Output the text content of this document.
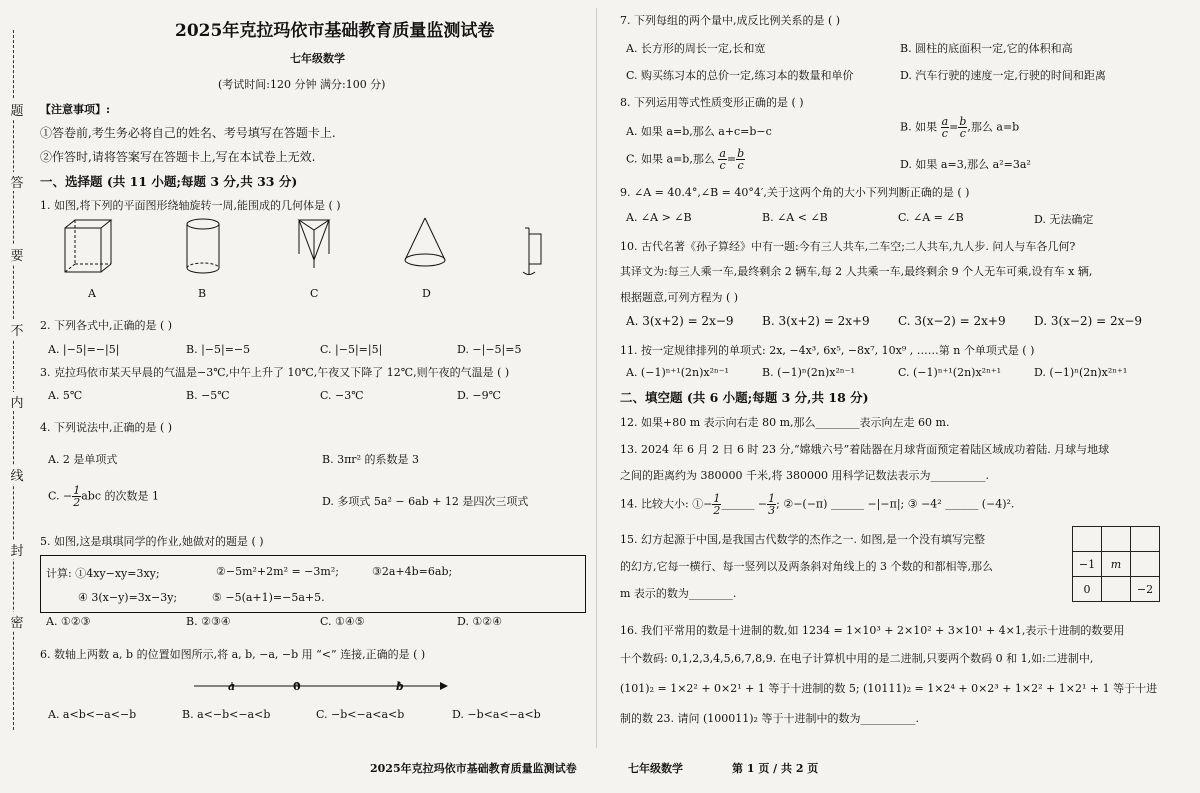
题
答
要
不
内
线
封
密
2025年克拉玛依市基础教育质量监测试卷
七年级数学
(考试时间:120 分钟 满分:100 分)
【注意事项】:
①答卷前,考生务必将自己的姓名、考号填写在答题卡上.
②作答时,请将答案写在答题卡上,写在本试卷上无效.
一、选择题 (共 11 小题;每题 3 分,共 33 分)
1. 如图,将下列的平面图形绕轴旋转一周,能围成的几何体是 ( )
A	B	C	D
2. 下列各式中,正确的是 ( )
A. |−5|=−|5|	B. |−5|=−5	C. |−5|=|5|	D. −|−5|=5
3. 克拉玛依市某天早晨的气温是−3℃,中午上升了 10℃,午夜又下降了 12℃,则午夜的气温是 ( )
A. 5℃	B. −5℃	C. −3℃	D. −9℃
4. 下列说法中,正确的是 ( )
A. 2 是单项式	B. 3πr² 的系数是 3
C. − $\frac{1}{2}$ abc 的次数是 1	D. 多项式 5a² − 6ab + 12 是四次三项式
5. 如图,这是琪琪同学的作业,她做对的题是 ( )
计算: ①4xy−xy=3xy;	②−5m²+2m² = −3m²;	③2a+4b=6ab;
④ 3(x−y)=3x−3y;	⑤ −5(a+1)=−5a+5.
A. ①②③	B. ②③④	C. ①④⑤	D. ①②④
6. 数轴上两数 a, b 的位置如图所示,将 a, b, −a, −b 用 “<” 连接,正确的是 ( )
a	0	b
A. a<b<−a<−b	B. a<−b<−a<b	C. −b<−a<a<b	D. −b<a<−a<b
7. 下列每组的两个量中,成反比例关系的是 ( )
A. 长方形的周长一定,长和宽	B. 圆柱的底面积一定,它的体积和高
C. 购买练习本的总价一定,练习本的数量和单价	D. 汽车行驶的速度一定,行驶的时间和距离
8. 下列运用等式性质变形正确的是 ( )
A. 如果 a=b,那么 a+c=b−c	B. 如果 $\frac{a}{c} = \frac{b}{c}$ ,那么 a=b
C. 如果 a=b,那么 $\frac{a}{c} = \frac{b}{c}$	D. 如果 a=3,那么 a²=3a²
9. ∠A = 40.4°,∠B = 40°4′,关于这两个角的大小下列判断正确的是 ( )
A. ∠A > ∠B	B. ∠A < ∠B	C. ∠A = ∠B	D. 无法确定
10. 古代名著《孙子算经》中有一题:今有三人共车,二车空;二人共车,九人步. 问人与车各几何?
其译文为:每三人乘一车,最终剩余 2 辆车,每 2 人共乘一车,最终剩余 9 个人无车可乘,设有车 x 辆,
根据题意,可列方程为 ( )
A. 3(x+2) = 2x−9 B. 3(x+2) = 2x+9 C. 3(x−2) = 2x+9 D. 3(x−2) = 2x−9
11. 按一定规律排列的单项式: 2x, −4x³, 6x⁵, −8x⁷, 10x⁹ , ……第 n 个单项式是 ( )
A. (−1)ⁿ⁺¹(2n)x²ⁿ⁻¹	B. (−1)ⁿ(2n)x²ⁿ⁻¹	C. (−1)ⁿ⁺¹(2n)x²ⁿ⁺¹	D. (−1)ⁿ(2n)x²ⁿ⁺¹
二、填空题 (共 6 小题;每题 3 分,共 18 分)
12. 如果+80 m 表示向右走 80 m,那么________表示向左走 60 m.
13. 2024 年 6 月 2 日 6 时 23 分,“嫦娥六号”着陆器在月球背面预定着陆区域成功着陆. 月球与地球
之间的距离约为 380000 千米,将 380000 用科学记数法表示为__________.
14. 比较大小: ①− $\frac{1}{2}$ ______ − $\frac{1}{3}$ ; ②−(−π) ______ −|−π|; ③ −4² ______ (−4)².
15. 幻方起源于中国,是我国古代数学的杰作之一. 如图,是一个没有填写完整
的幻方,它每一横行、每一竖列以及两条斜对角线上的 3 个数的和都相等,那么
m 表示的数为________.

−1	m	
0		−2
16. 我们平常用的数是十进制的数,如 1234 = 1×10³ + 2×10² + 3×10¹ + 4×1,表示十进制的数要用
十个数码: 0,1,2,3,4,5,6,7,8,9. 在电子计算机中用的是二进制,只要两个数码 0 和 1,如:二进制中,
(101)₂ = 1×2² + 0×2¹ + 1 等于十进制的数 5; (10111)₂ = 1×2⁴ + 0×2³ + 1×2² + 1×2¹ + 1 等于十进
制的数 23. 请问 (100011)₂ 等于十进制中的数为__________.
2025年克拉玛依市基础教育质量监测试卷	七年级数学	第 1 页 / 共 2 页
